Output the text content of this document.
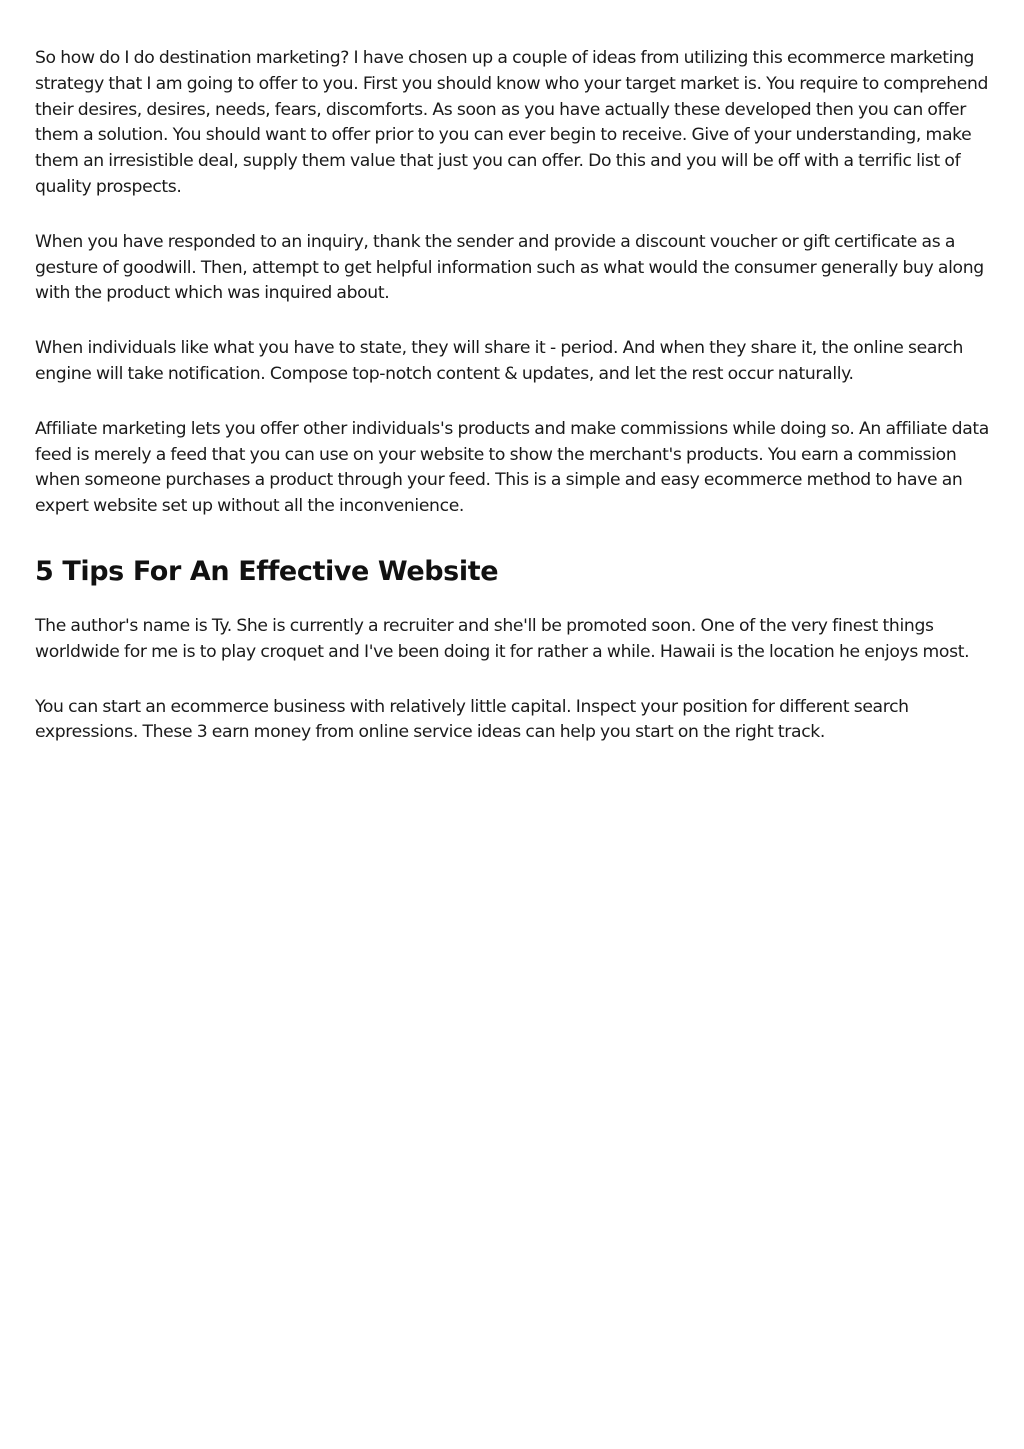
So how do I do destination marketing? I have chosen up a couple of ideas from utilizing this ecommerce marketing strategy that I am going to offer to you. First you should know who your target market is. You require to comprehend their desires, desires, needs, fears, discomforts. As soon as you have actually these developed then you can offer them a solution. You should want to offer prior to you can ever begin to receive. Give of your understanding, make them an irresistible deal, supply them value that just you can offer. Do this and you will be off with a terrific list of quality prospects.

When you have responded to an inquiry, thank the sender and provide a discount voucher or gift certificate as a gesture of goodwill. Then, attempt to get helpful information such as what would the consumer generally buy along with the product which was inquired about.

When individuals like what you have to state, they will share it - period. And when they share it, the online search engine will take notification. Compose top-notch content & updates, and let the rest occur naturally.

Affiliate marketing lets you offer other individuals's products and make commissions while doing so. An affiliate data feed is merely a feed that you can use on your website to show the merchant's products. You earn a commission when someone purchases a product through your feed. This is a simple and easy ecommerce method to have an expert website set up without all the inconvenience.

5 Tips For An Effective Website

The author's name is Ty. She is currently a recruiter and she'll be promoted soon. One of the very finest things worldwide for me is to play croquet and I've been doing it for rather a while. Hawaii is the location he enjoys most.

You can start an ecommerce business with relatively little capital. Inspect your position for different search expressions. These 3 earn money from online service ideas can help you start on the right track.
